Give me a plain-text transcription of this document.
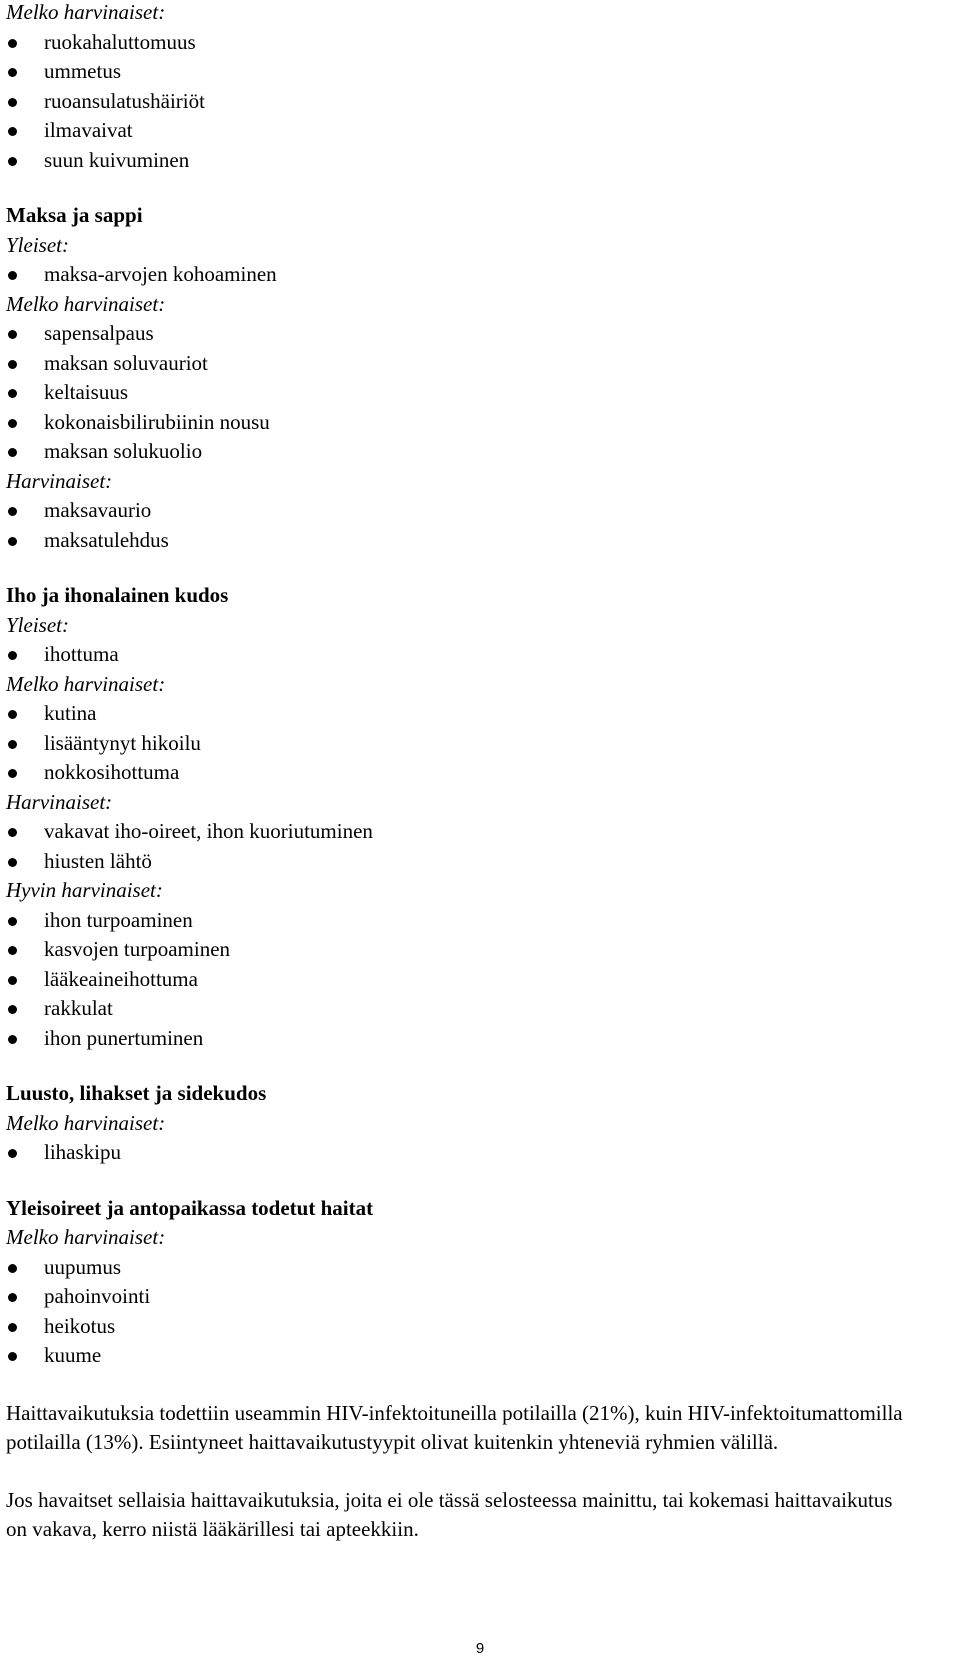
Melko harvinaiset:
ruokahaluttomuus
ummetus
ruoansulatushäiriöt
ilmavaivat
suun kuivuminen
Maksa ja sappi
Yleiset:
maksa-arvojen kohoaminen
Melko harvinaiset:
sapensalpaus
maksan soluvauriot
keltaisuus
kokonaisbilirubiinin nousu
maksan solukuolio
Harvinaiset:
maksavaurio
maksatulehdus
Iho ja ihonalainen kudos
Yleiset:
ihottuma
Melko harvinaiset:
kutina
lisääntynyt hikoilu
nokkosihottuma
Harvinaiset:
vakavat iho-oireet, ihon kuoriutuminen
hiusten lähtö
Hyvin harvinaiset:
ihon turpoaminen
kasvojen turpoaminen
lääkeaineihottuma
rakkulat
ihon punertuminen
Luusto, lihakset ja sidekudos
Melko harvinaiset:
lihaskipu
Yleisoireet ja antopaikassa todetut haitat
Melko harvinaiset:
uupumus
pahoinvointi
heikotus
kuume

Haittavaikutuksia todettiin useammin HIV-infektoituneilla potilailla (21%), kuin HIV-infektoitumattomilla potilailla (13%). Esiintyneet haittavaikutustyypit olivat kuitenkin yhteneviä ryhmien välillä.

Jos havaitset sellaisia haittavaikutuksia, joita ei ole tässä selosteessa mainittu, tai kokemasi haittavaikutus on vakava, kerro niistä lääkärillesi tai apteekkiin.

9
